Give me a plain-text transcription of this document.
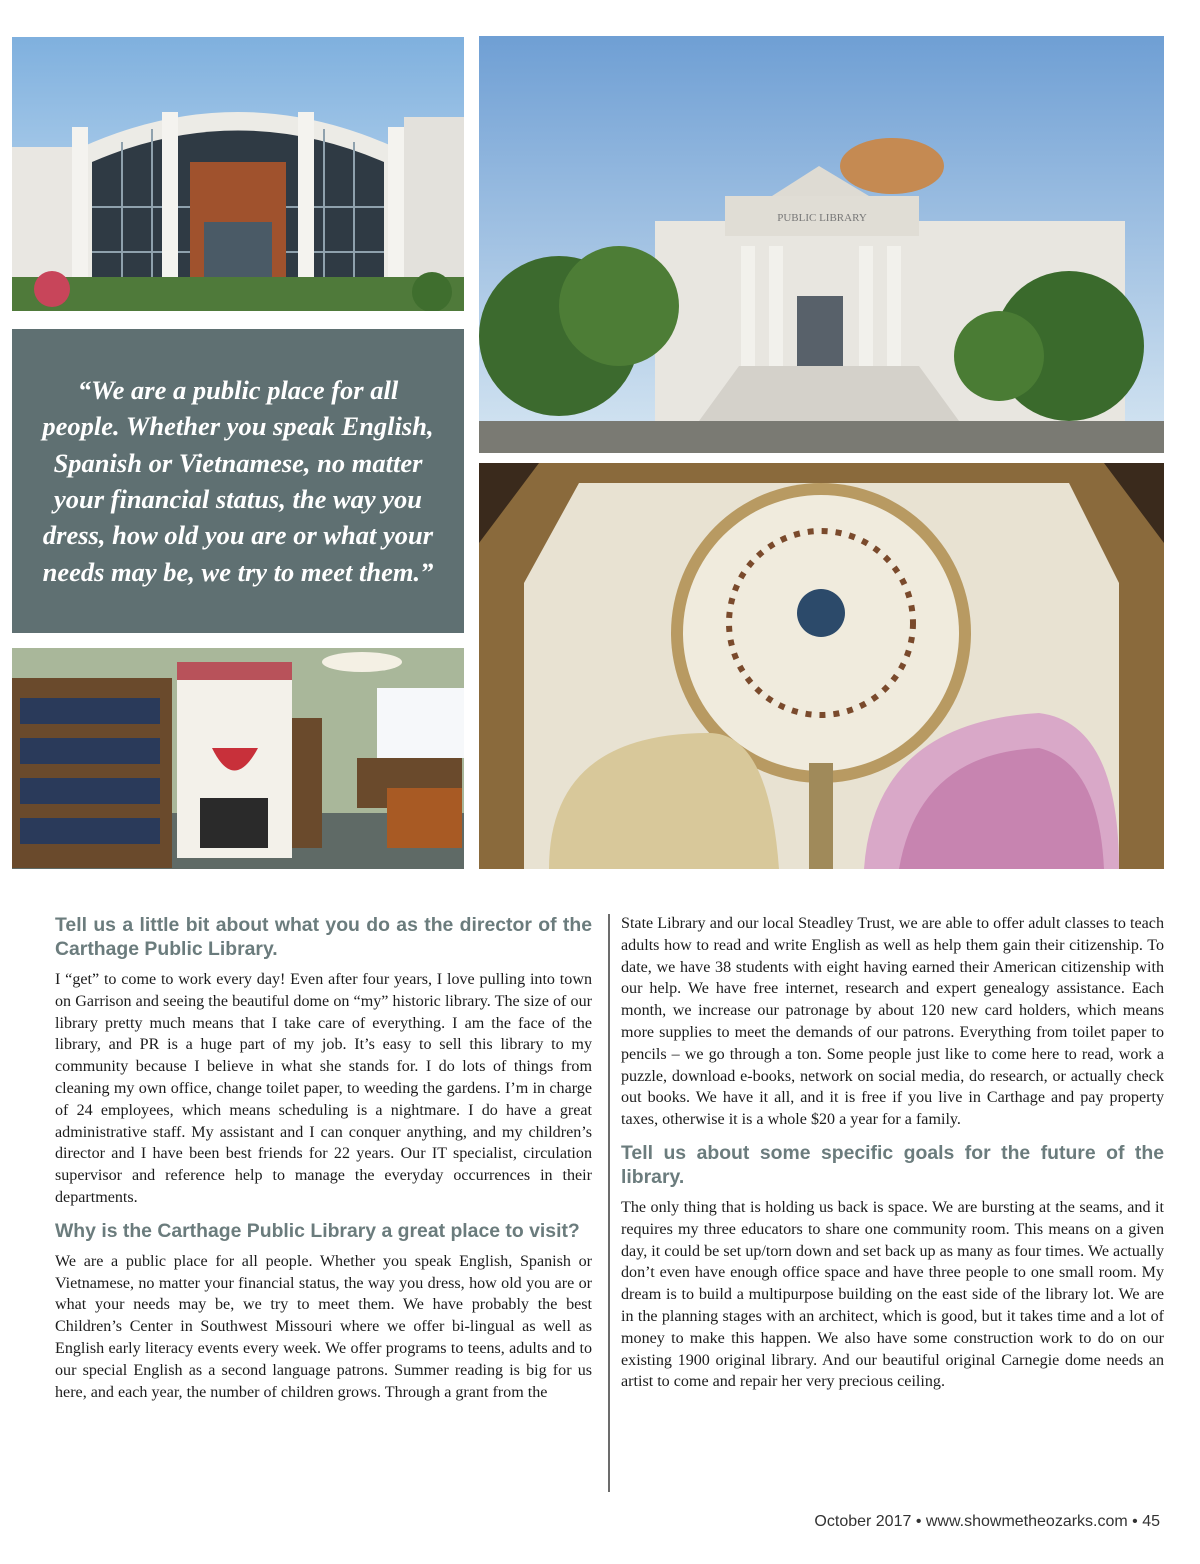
PUBLIC LIBRARY

“We are a public place for all people. Whether you speak English, Spanish or Vietnamese, no matter your financial status, the way you dress, how old you are or what your needs may be, we try to meet them.”

Tell us a little bit about what you do as the director of the Carthage Public Library.

I “get” to come to work every day! Even after four years, I love pulling into town on Garrison and seeing the beautiful dome on “my” historic library. The size of our library pretty much means that I take care of everything. I am the face of the library, and PR is a huge part of my job. It’s easy to sell this library to my community because I believe in what she stands for. I do lots of things from cleaning my own office, change toilet paper, to weeding the gardens. I’m in charge of 24 employees, which means scheduling is a nightmare. I do have a great administrative staff. My assistant and I can conquer anything, and my children’s director and I have been best friends for 22 years. Our IT specialist, circulation supervisor and reference help to manage the everyday occurrences in their departments.

Why is the Carthage Public Library a great place to visit?

We are a public place for all people. Whether you speak English, Spanish or Vietnamese, no matter your financial status, the way you dress, how old you are or what your needs may be, we try to meet them. We have probably the best Children’s Center in Southwest Missouri where we offer bi-lingual as well as English early literacy events every week. We offer programs to teens, adults and to our special English as a second language patrons. Summer reading is big for us here, and each year, the number of children grows. Through a grant from the

State Library and our local Steadley Trust, we are able to offer adult classes to teach adults how to read and write English as well as help them gain their citizenship. To date, we have 38 students with eight having earned their American citizenship with our help. We have free internet, research and expert genealogy assistance. Each month, we increase our patronage by about 120 new card holders, which means more supplies to meet the demands of our patrons. Everything from toilet paper to pencils – we go through a ton. Some people just like to come here to read, work a puzzle, download e-books, network on social media, do research, or actually check out books. We have it all, and it is free if you live in Carthage and pay property taxes, otherwise it is a whole $20 a year for a family.

Tell us about some specific goals for the future of the library.

The only thing that is holding us back is space. We are bursting at the seams, and it requires my three educators to share one community room. This means on a given day, it could be set up/torn down and set back up as many as four times. We actually don’t even have enough office space and have three people to one small room. My dream is to build a multipurpose building on the east side of the library lot. We are in the planning stages with an architect, which is good, but it takes time and a lot of money to make this happen. We also have some construction work to do on our existing 1900 original library. And our beautiful original Carnegie dome needs an artist to come and repair her very precious ceiling.

October 2017 • www.showmetheozarks.com • 45
